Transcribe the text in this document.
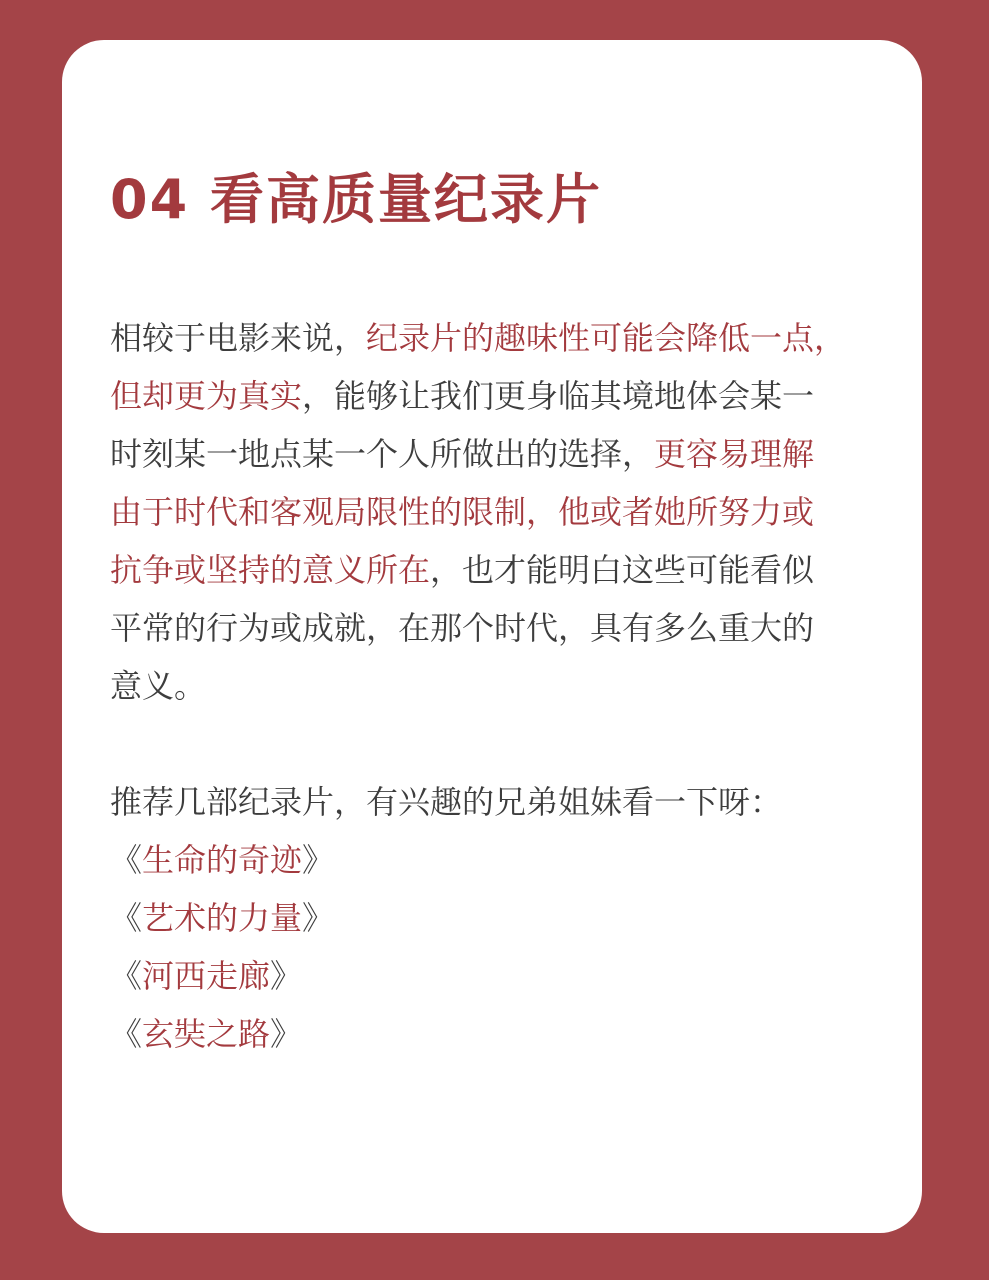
04 看高质量纪录片

相较于电影来说，纪录片的趣味性可能会降低一点，
但却更为真实，能够让我们更身临其境地体会某一
时刻某一地点某一个人所做出的选择，更容易理解
由于时代和客观局限性的限制，他或者她所努力或
抗争或坚持的意义所在，也才能明白这些可能看似
平常的行为或成就，在那个时代，具有多么重大的
意义。

推荐几部纪录片，有兴趣的兄弟姐妹看一下呀：
《生命的奇迹》
《艺术的力量》
《河西走廊》
《玄奘之路》
